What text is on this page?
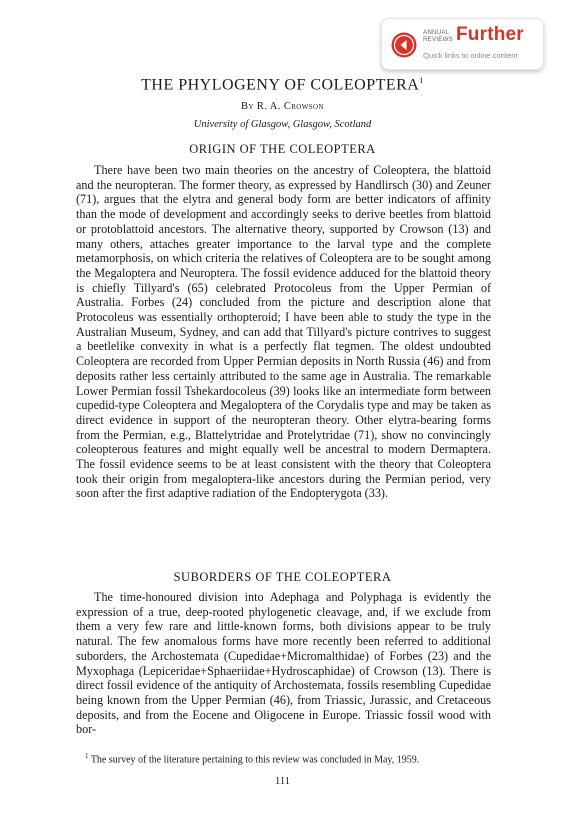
ANNUAL REVIEWS Further
Quick links to online content
THE PHYLOGENY OF COLEOPTERA$^1$
By R. A. Crowson
University of Glasgow, Glasgow, Scotland
ORIGIN OF THE COLEOPTERA

There have been two main theories on the ancestry of Coleoptera, the blattoid and the neuropteran. The former theory, as expressed by Handlirsch (30) and Zeuner (71), argues that the elytra and general body form are better indicators of affinity than the mode of development and accordingly seeks to derive beetles from blattoid or protoblattoid ancestors. The alternative theory, supported by Crowson (13) and many others, attaches greater importance to the larval type and the complete metamorphosis, on which criteria the relatives of Coleoptera are to be sought among the Megaloptera and Neuroptera. The fossil evidence adduced for the blattoid theory is chiefly Tillyard's (65) celebrated Protocoleus from the Upper Permian of Australia. Forbes (24) concluded from the picture and description alone that Protocoleus was essentially orthopteroid; I have been able to study the type in the Australian Museum, Sydney, and can add that Tillyard's picture contrives to suggest a beetlelike convexity in what is a perfectly flat tegmen. The oldest undoubted Coleoptera are recorded from Upper Permian deposits in North Russia (46) and from deposits rather less certainly attributed to the same age in Australia. The remarkable Lower Permian fossil Tshekardocoleus (39) looks like an intermediate form between cupedid-type Coleoptera and Megaloptera of the Corydalis type and may be taken as direct evidence in support of the neuropteran theory. Other elytra-bearing forms from the Permian, e.g., Blattelytridae and Protelytridae (71), show no convincingly coleopterous features and might equally well be ancestral to modern Dermaptera. The fossil evidence seems to be at least consistent with the theory that Coleoptera took their origin from megaloptera-like ancestors during the Permian period, very soon after the first adaptive radiation of the Endopterygota (33).

SUBORDERS OF THE COLEOPTERA

The time-honoured division into Adephaga and Polyphaga is evidently the expression of a true, deep-rooted phylogenetic cleavage, and, if we exclude from them a very few rare and little-known forms, both divisions appear to be truly natural. The few anomalous forms have more recently been referred to additional suborders, the Archostemata (Cupedidae+Micromalthidae) of Forbes (23) and the Myxophaga (Lepiceridae+Sphaeriidae+Hydroscaphidae) of Crowson (13). There is direct fossil evidence of the antiquity of Archostemata, fossils resembling Cupedidae being known from the Upper Permian (46), from Triassic, Jurassic, and Cretaceous deposits, and from the Eocene and Oligocene in Europe. Triassic fossil wood with bor-

$^1$ The survey of the literature pertaining to this review was concluded in May, 1959.

111
